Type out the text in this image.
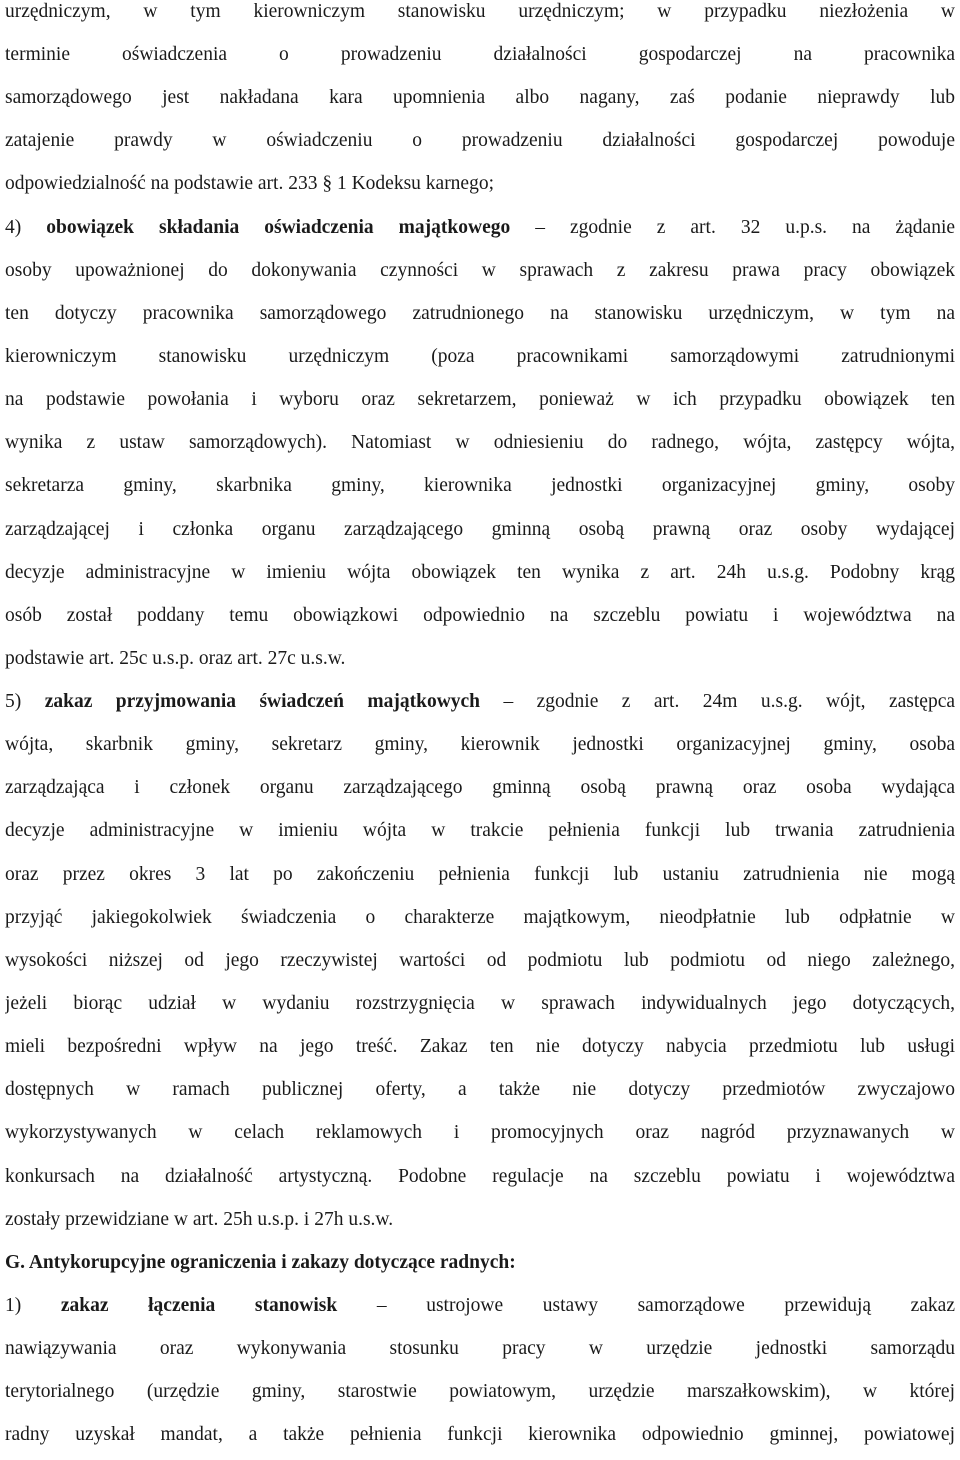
urzędniczym, w tym kierowniczym stanowisku urzędniczym; w przypadku niezłożenia w
terminie oświadczenia o prowadzeniu działalności gospodarczej na pracownika
samorządowego jest nakładana kara upomnienia albo nagany, zaś podanie nieprawdy lub
zatajenie prawdy w oświadczeniu o prowadzeniu działalności gospodarczej powoduje
odpowiedzialność na podstawie art. 233 § 1 Kodeksu karnego;
4) obowiązek składania oświadczenia majątkowego – zgodnie z art. 32 u.p.s. na żądanie
osoby upoważnionej do dokonywania czynności w sprawach z zakresu prawa pracy obowiązek
ten dotyczy pracownika samorządowego zatrudnionego na stanowisku urzędniczym, w tym na
kierowniczym stanowisku urzędniczym (poza pracownikami samorządowymi zatrudnionymi
na podstawie powołania i wyboru oraz sekretarzem, ponieważ w ich przypadku obowiązek ten
wynika z ustaw samorządowych). Natomiast w odniesieniu do radnego, wójta, zastępcy wójta,
sekretarza gminy, skarbnika gminy, kierownika jednostki organizacyjnej gminy, osoby
zarządzającej i członka organu zarządzającego gminną osobą prawną oraz osoby wydającej
decyzje administracyjne w imieniu wójta obowiązek ten wynika z art. 24h u.s.g. Podobny krąg
osób został poddany temu obowiązkowi odpowiednio na szczeblu powiatu i województwa na
podstawie art. 25c u.s.p. oraz art. 27c u.s.w.
5) zakaz przyjmowania świadczeń majątkowych – zgodnie z art. 24m u.s.g. wójt, zastępca
wójta, skarbnik gminy, sekretarz gminy, kierownik jednostki organizacyjnej gminy, osoba
zarządzająca i członek organu zarządzającego gminną osobą prawną oraz osoba wydająca
decyzje administracyjne w imieniu wójta w trakcie pełnienia funkcji lub trwania zatrudnienia
oraz przez okres 3 lat po zakończeniu pełnienia funkcji lub ustaniu zatrudnienia nie mogą
przyjąć jakiegokolwiek świadczenia o charakterze majątkowym, nieodpłatnie lub odpłatnie w
wysokości niższej od jego rzeczywistej wartości od podmiotu lub podmiotu od niego zależnego,
jeżeli biorąc udział w wydaniu rozstrzygnięcia w sprawach indywidualnych jego dotyczących,
mieli bezpośredni wpływ na jego treść. Zakaz ten nie dotyczy nabycia przedmiotu lub usługi
dostępnych w ramach publicznej oferty, a także nie dotyczy przedmiotów zwyczajowo
wykorzystywanych w celach reklamowych i promocyjnych oraz nagród przyznawanych w
konkursach na działalność artystyczną. Podobne regulacje na szczeblu powiatu i województwa
zostały przewidziane w art. 25h u.s.p. i 27h u.s.w.
G. Antykorupcyjne ograniczenia i zakazy dotyczące radnych:
1) zakaz łączenia stanowisk – ustrojowe ustawy samorządowe przewidują zakaz
nawiązywania oraz wykonywania stosunku pracy w urzędzie jednostki samorządu
terytorialnego (urzędzie gminy, starostwie powiatowym, urzędzie marszałkowskim), w której
radny uzyskał mandat, a także pełnienia funkcji kierownika odpowiednio gminnej, powiatowej
